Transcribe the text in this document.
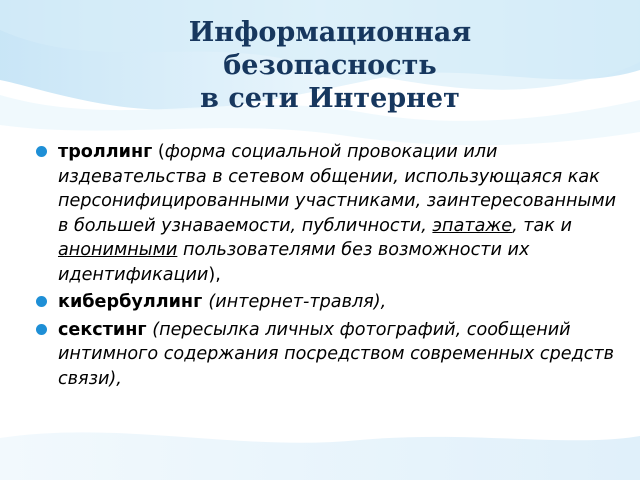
Информационная
безопасность
в сети Интернет
троллинг (форма социальной провокации или издевательства в сетевом общении, использующаяся как персонифицированными участниками, заинтересованными в большей узнаваемости, публичности, эпатаже, так и анонимными пользователями без возможности их идентификации),
кибербуллинг (интернет-травля),
секстинг (пересылка личных фотографий, сообщений интимного содержания посредством современных средств связи),
